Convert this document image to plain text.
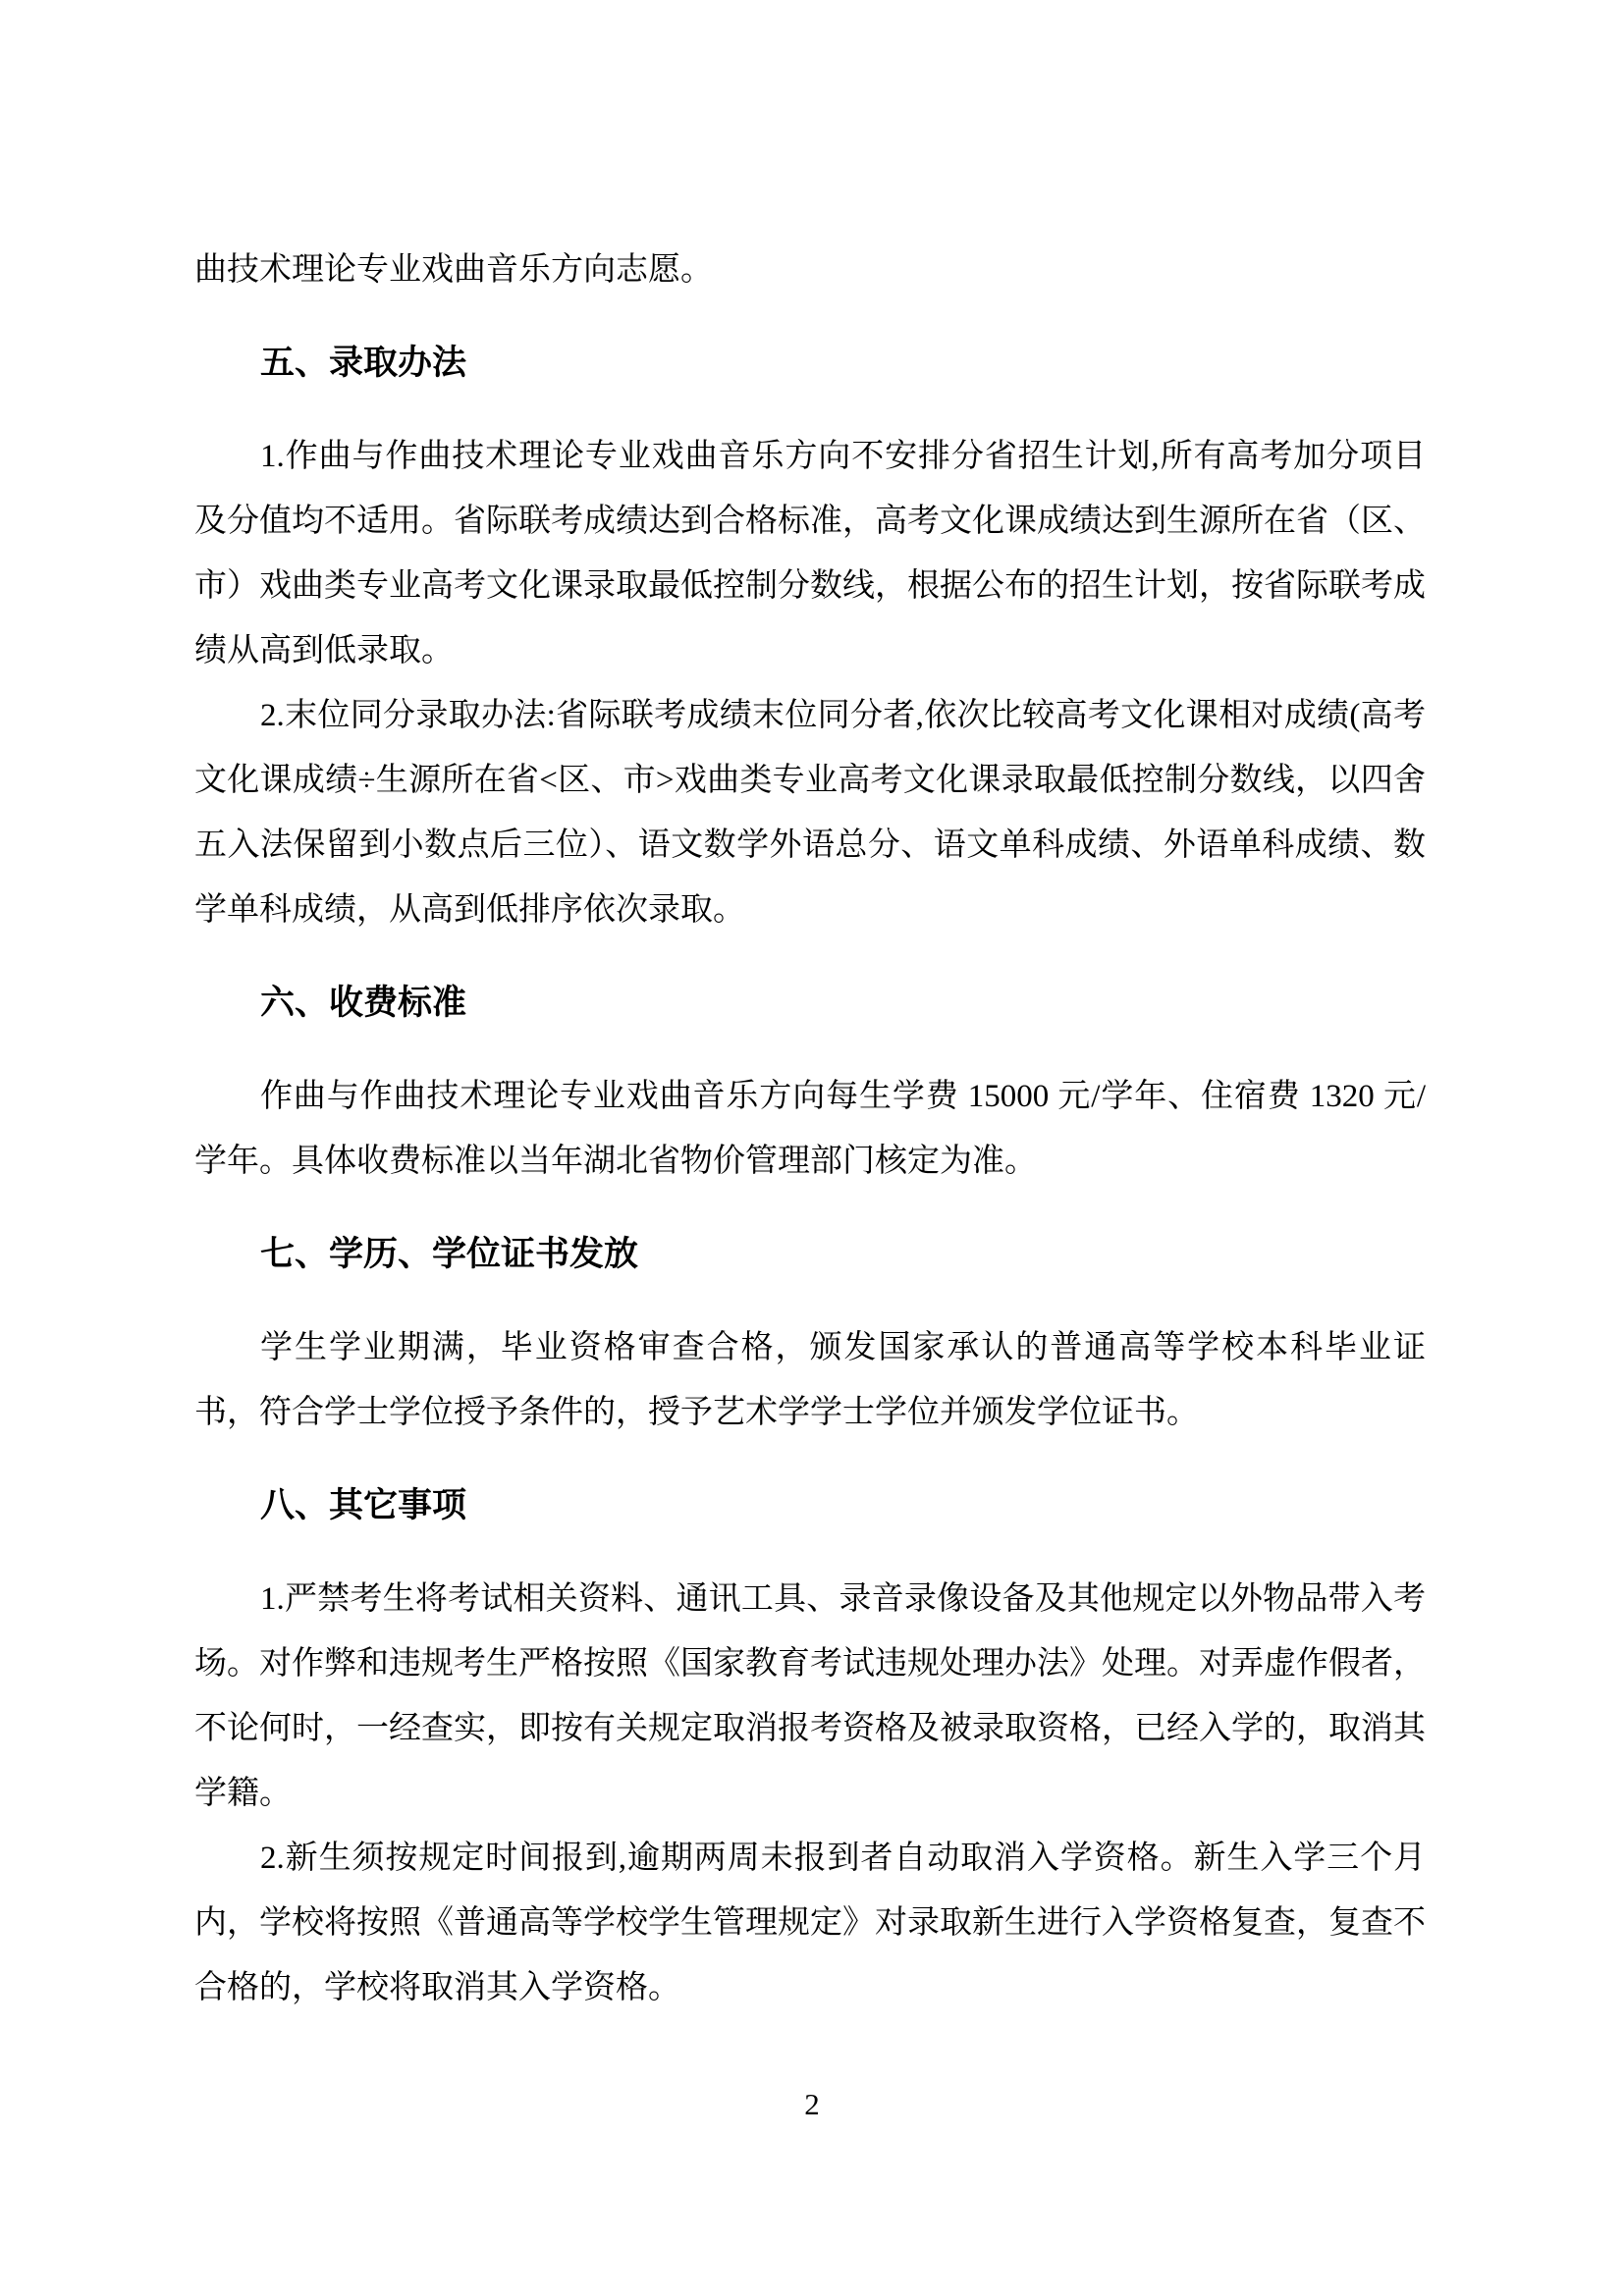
曲技术理论专业戏曲音乐方向志愿。

五、录取办法

1.作曲与作曲技术理论专业戏曲音乐方向不安排分省招生计划,所有高考加分项目及分值均不适用。省际联考成绩达到合格标准，高考文化课成绩达到生源所在省（区、市）戏曲类专业高考文化课录取最低控制分数线，根据公布的招生计划，按省际联考成绩从高到低录取。

2.末位同分录取办法:省际联考成绩末位同分者,依次比较高考文化课相对成绩(高考文化课成绩÷生源所在省<区、市>戏曲类专业高考文化课录取最低控制分数线，以四舍五入法保留到小数点后三位）、语文数学外语总分、语文单科成绩、外语单科成绩、数学单科成绩，从高到低排序依次录取。

六、收费标准

作曲与作曲技术理论专业戏曲音乐方向每生学费 15000 元/学年、住宿费 1320 元/学年。具体收费标准以当年湖北省物价管理部门核定为准。

七、学历、学位证书发放

学生学业期满，毕业资格审查合格，颁发国家承认的普通高等学校本科毕业证书，符合学士学位授予条件的，授予艺术学学士学位并颁发学位证书。

八、其它事项

1.严禁考生将考试相关资料、通讯工具、录音录像设备及其他规定以外物品带入考场。对作弊和违规考生严格按照《国家教育考试违规处理办法》处理。对弄虚作假者，不论何时，一经查实，即按有关规定取消报考资格及被录取资格，已经入学的，取消其学籍。

2.新生须按规定时间报到,逾期两周未报到者自动取消入学资格。新生入学三个月内，学校将按照《普通高等学校学生管理规定》对录取新生进行入学资格复查，复查不合格的，学校将取消其入学资格。

2
